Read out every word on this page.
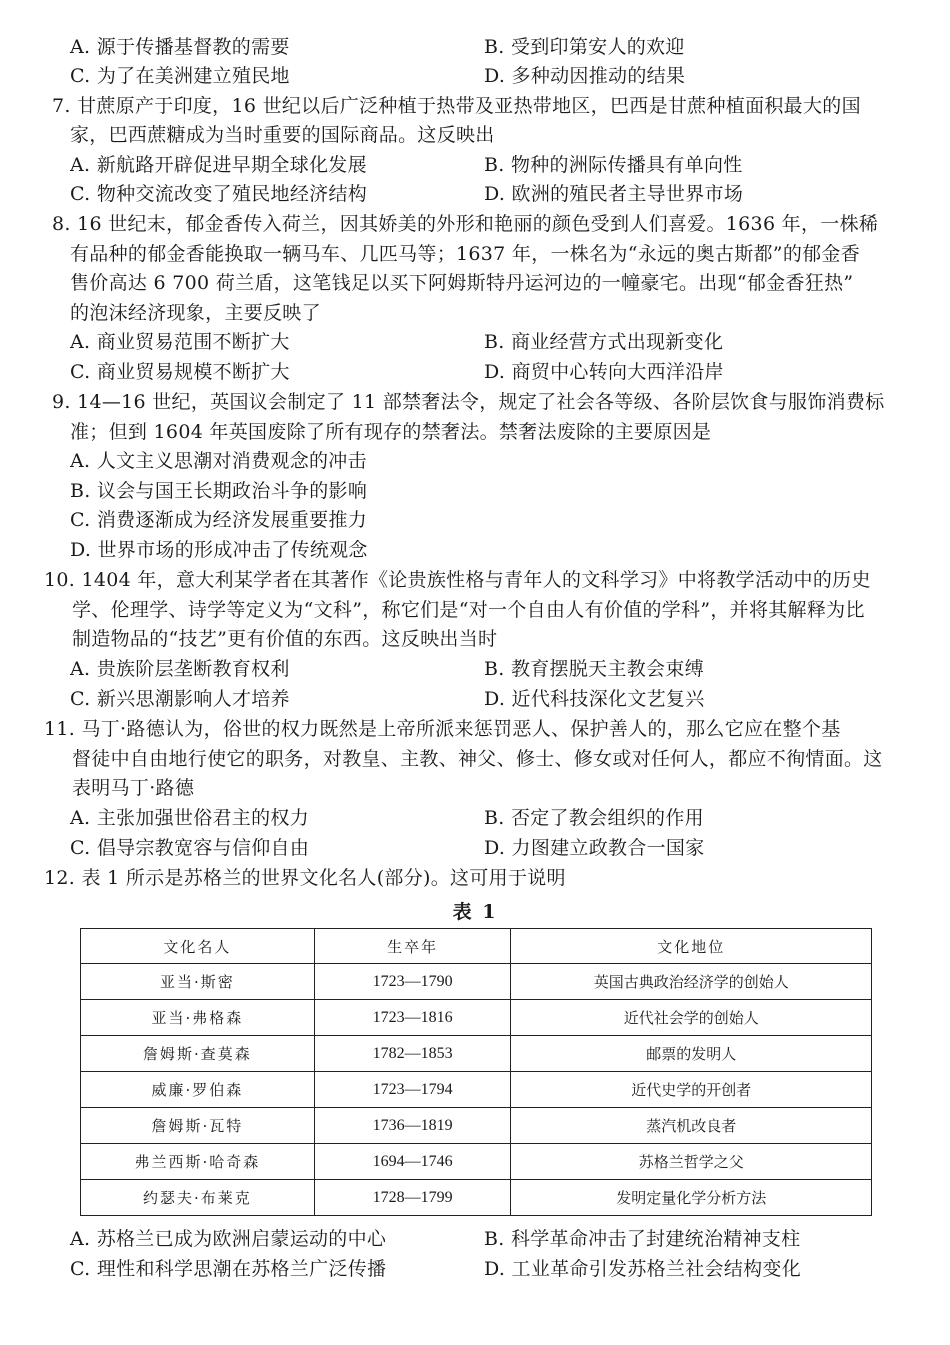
A. 源于传播基督教的需要	B. 受到印第安人的欢迎
C. 为了在美洲建立殖民地	D. 多种动因推动的结果
7. 甘蔗原产于印度，16 世纪以后广泛种植于热带及亚热带地区，巴西是甘蔗种植面积最大的国
家，巴西蔗糖成为当时重要的国际商品。这反映出
A. 新航路开辟促进早期全球化发展	B. 物种的洲际传播具有单向性
C. 物种交流改变了殖民地经济结构	D. 欧洲的殖民者主导世界市场
8. 16 世纪末，郁金香传入荷兰，因其娇美的外形和艳丽的颜色受到人们喜爱。1636 年，一株稀
有品种的郁金香能换取一辆马车、几匹马等；1637 年，一株名为“永远的奥古斯都”的郁金香
售价高达 6 700 荷兰盾，这笔钱足以买下阿姆斯特丹运河边的一幢豪宅。出现“郁金香狂热”
的泡沫经济现象，主要反映了
A. 商业贸易范围不断扩大	B. 商业经营方式出现新变化
C. 商业贸易规模不断扩大	D. 商贸中心转向大西洋沿岸
9. 14—16 世纪，英国议会制定了 11 部禁奢法令，规定了社会各等级、各阶层饮食与服饰消费标
准；但到 1604 年英国废除了所有现存的禁奢法。禁奢法废除的主要原因是
A. 人文主义思潮对消费观念的冲击
B. 议会与国王长期政治斗争的影响
C. 消费逐渐成为经济发展重要推力
D. 世界市场的形成冲击了传统观念
10. 1404 年，意大利某学者在其著作《论贵族性格与青年人的文科学习》中将教学活动中的历史
学、伦理学、诗学等定义为“文科”，称它们是“对一个自由人有价值的学科”，并将其解释为比
制造物品的“技艺”更有价值的东西。这反映出当时
A. 贵族阶层垄断教育权利	B. 教育摆脱天主教会束缚
C. 新兴思潮影响人才培养	D. 近代科技深化文艺复兴
11. 马丁·路德认为，俗世的权力既然是上帝所派来惩罚恶人、保护善人的，那么它应在整个基
督徒中自由地行使它的职务，对教皇、主教、神父、修士、修女或对任何人，都应不徇情面。这
表明马丁·路德
A. 主张加强世俗君主的权力	B. 否定了教会组织的作用
C. 倡导宗教宽容与信仰自由	D. 力图建立政教合一国家
12. 表 1 所示是苏格兰的世界文化名人(部分)。这可用于说明
表 1
文化名人	生卒年	文化地位
亚当·斯密	1723—1790	英国古典政治经济学的创始人
亚当·弗格森	1723—1816	近代社会学的创始人
詹姆斯·查莫森	1782—1853	邮票的发明人
威廉·罗伯森	1723—1794	近代史学的开创者
詹姆斯·瓦特	1736—1819	蒸汽机改良者
弗兰西斯·哈奇森	1694—1746	苏格兰哲学之父
约瑟夫·布莱克	1728—1799	发明定量化学分析方法
A. 苏格兰已成为欧洲启蒙运动的中心	B. 科学革命冲击了封建统治精神支柱
C. 理性和科学思潮在苏格兰广泛传播	D. 工业革命引发苏格兰社会结构变化
